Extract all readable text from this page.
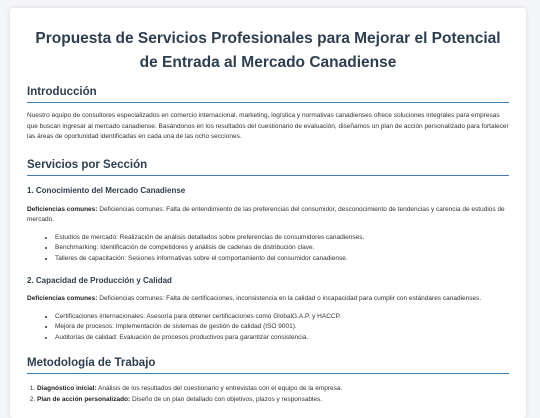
Propuesta de Servicios Profesionales para Mejorar el Potencial de Entrada al Mercado Canadiense
Introducción

Nuestro equipo de consultores especializados en comercio internacional, marketing, logística y normativas canadienses ofrece soluciones integrales para empresas que buscan ingresar al mercado canadiense. Basándonos en los resultados del cuestionario de evaluación, diseñamos un plan de acción personalizado para fortalecer las áreas de oportunidad identificadas en cada una de las ocho secciones.

Servicios por Sección
1. Conocimiento del Mercado Canadiense

Deficiencias comunes: Deficiencias comunes: Falta de entendimiento de las preferencias del consumidor, desconocimiento de tendencias y carencia de estudios de mercado.

• Estudios de mercado: Realización de análisis detallados sobre preferencias de consumidores canadienses.
• Benchmarking: Identificación de competidores y análisis de cadenas de distribución clave.
• Talleres de capacitación: Sesiones informativas sobre el comportamiento del consumidor canadiense.
2. Capacidad de Producción y Calidad

Deficiencias comunes: Deficiencias comunes: Falta de certificaciones, inconsistencia en la calidad o incapacidad para cumplir con estándares canadienses.

• Certificaciones internacionales: Asesoría para obtener certificaciones como GlobalG.A.P. y HACCP.
• Mejora de procesos: Implementación de sistemas de gestión de calidad (ISO 9001).
• Auditorías de calidad: Evaluación de procesos productivos para garantizar consistencia.
Metodología de Trabajo
1. Diagnóstico inicial: Análisis de los resultados del cuestionario y entrevistas con el equipo de la empresa.
2. Plan de acción personalizado: Diseño de un plan detallado con objetivos, plazos y responsables.
